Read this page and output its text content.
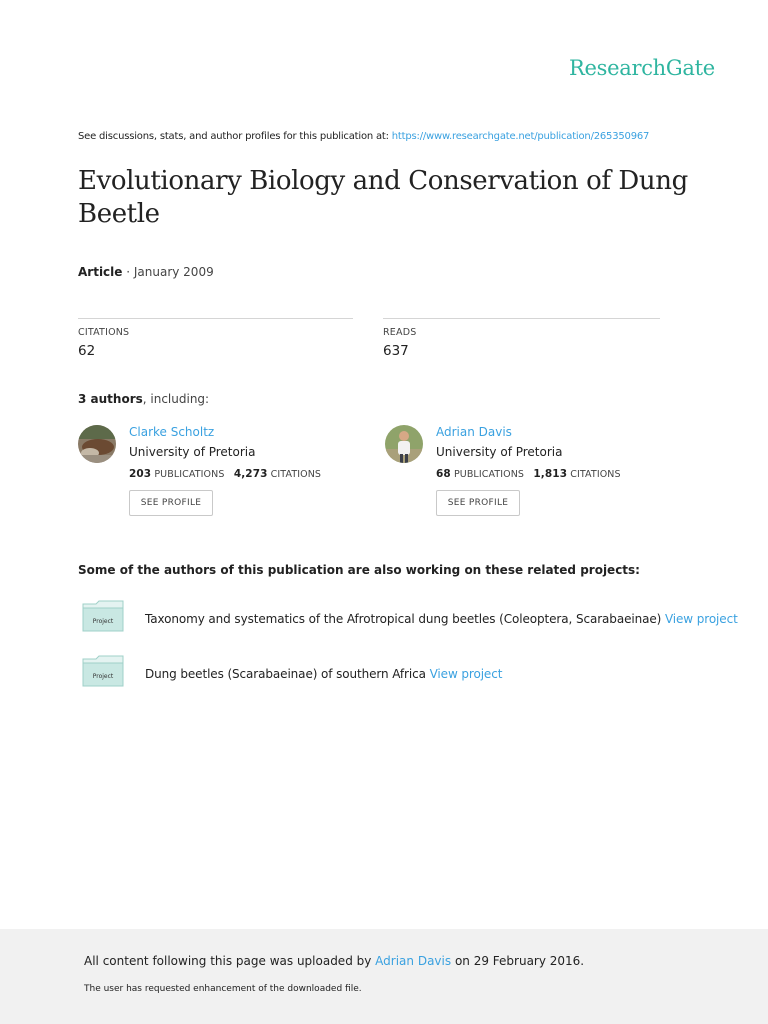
ResearchGate
See discussions, stats, and author profiles for this publication at: https://www.researchgate.net/publication/265350967
Evolutionary Biology and Conservation of Dung
Beetle
Article · January 2009
CITATIONS
62
READS
637
3 authors, including:
Clarke Scholtz
University of Pretoria
203 PUBLICATIONS 4,273 CITATIONS
SEE PROFILE
Adrian Davis
University of Pretoria
68 PUBLICATIONS 1,813 CITATIONS
SEE PROFILE
Some of the authors of this publication are also working on these related projects:
Project	Taxonomy and systematics of the Afrotropical dung beetles (Coleoptera, Scarabaeinae) View project
Project	Dung beetles (Scarabaeinae) of southern Africa View project
All content following this page was uploaded by Adrian Davis on 29 February 2016.
The user has requested enhancement of the downloaded file.
